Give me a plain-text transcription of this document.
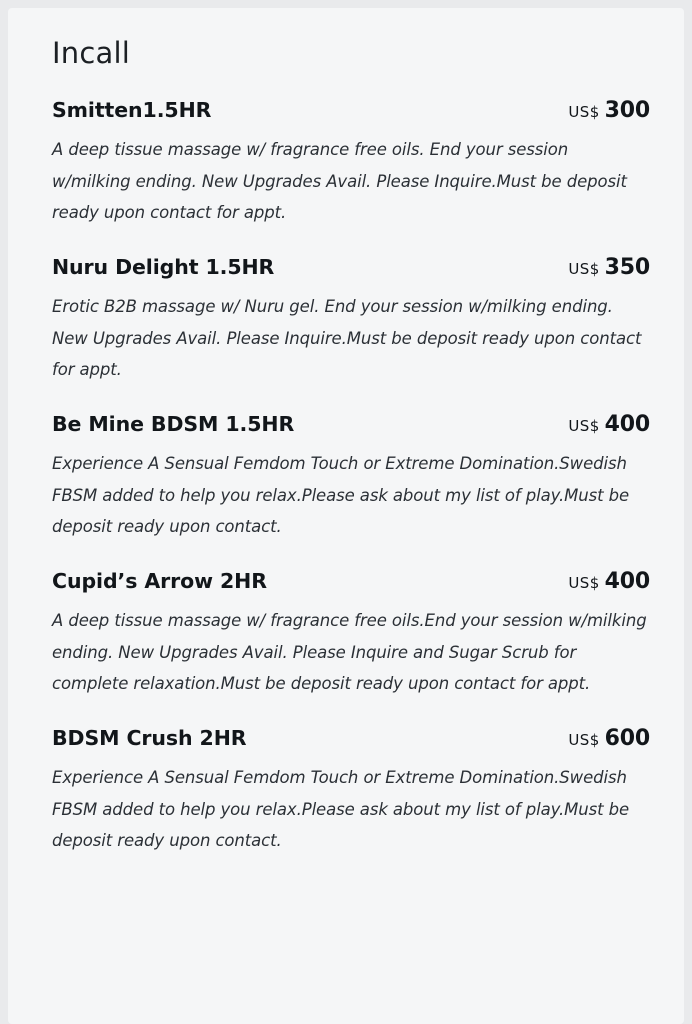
Incall
Smitten1.5HR	US$ 300
A deep tissue massage w/ fragrance free oils. End your session w/milking ending. New Upgrades Avail. Please Inquire.Must be deposit ready upon contact for appt.
Nuru Delight 1.5HR	US$ 350
Erotic B2B massage w/ Nuru gel. End your session w/milking ending. New Upgrades Avail. Please Inquire.Must be deposit ready upon contact for appt.
Be Mine BDSM 1.5HR	US$ 400
Experience A Sensual Femdom Touch or Extreme Domination.Swedish FBSM added to help you relax.Please ask about my list of play.Must be deposit ready upon contact.
Cupid’s Arrow 2HR	US$ 400
A deep tissue massage w/ fragrance free oils.End your session w/milking ending. New Upgrades Avail. Please Inquire and Sugar Scrub for complete relaxation.Must be deposit ready upon contact for appt.
BDSM Crush 2HR	US$ 600
Experience A Sensual Femdom Touch or Extreme Domination.Swedish FBSM added to help you relax.Please ask about my list of play.Must be deposit ready upon contact.
